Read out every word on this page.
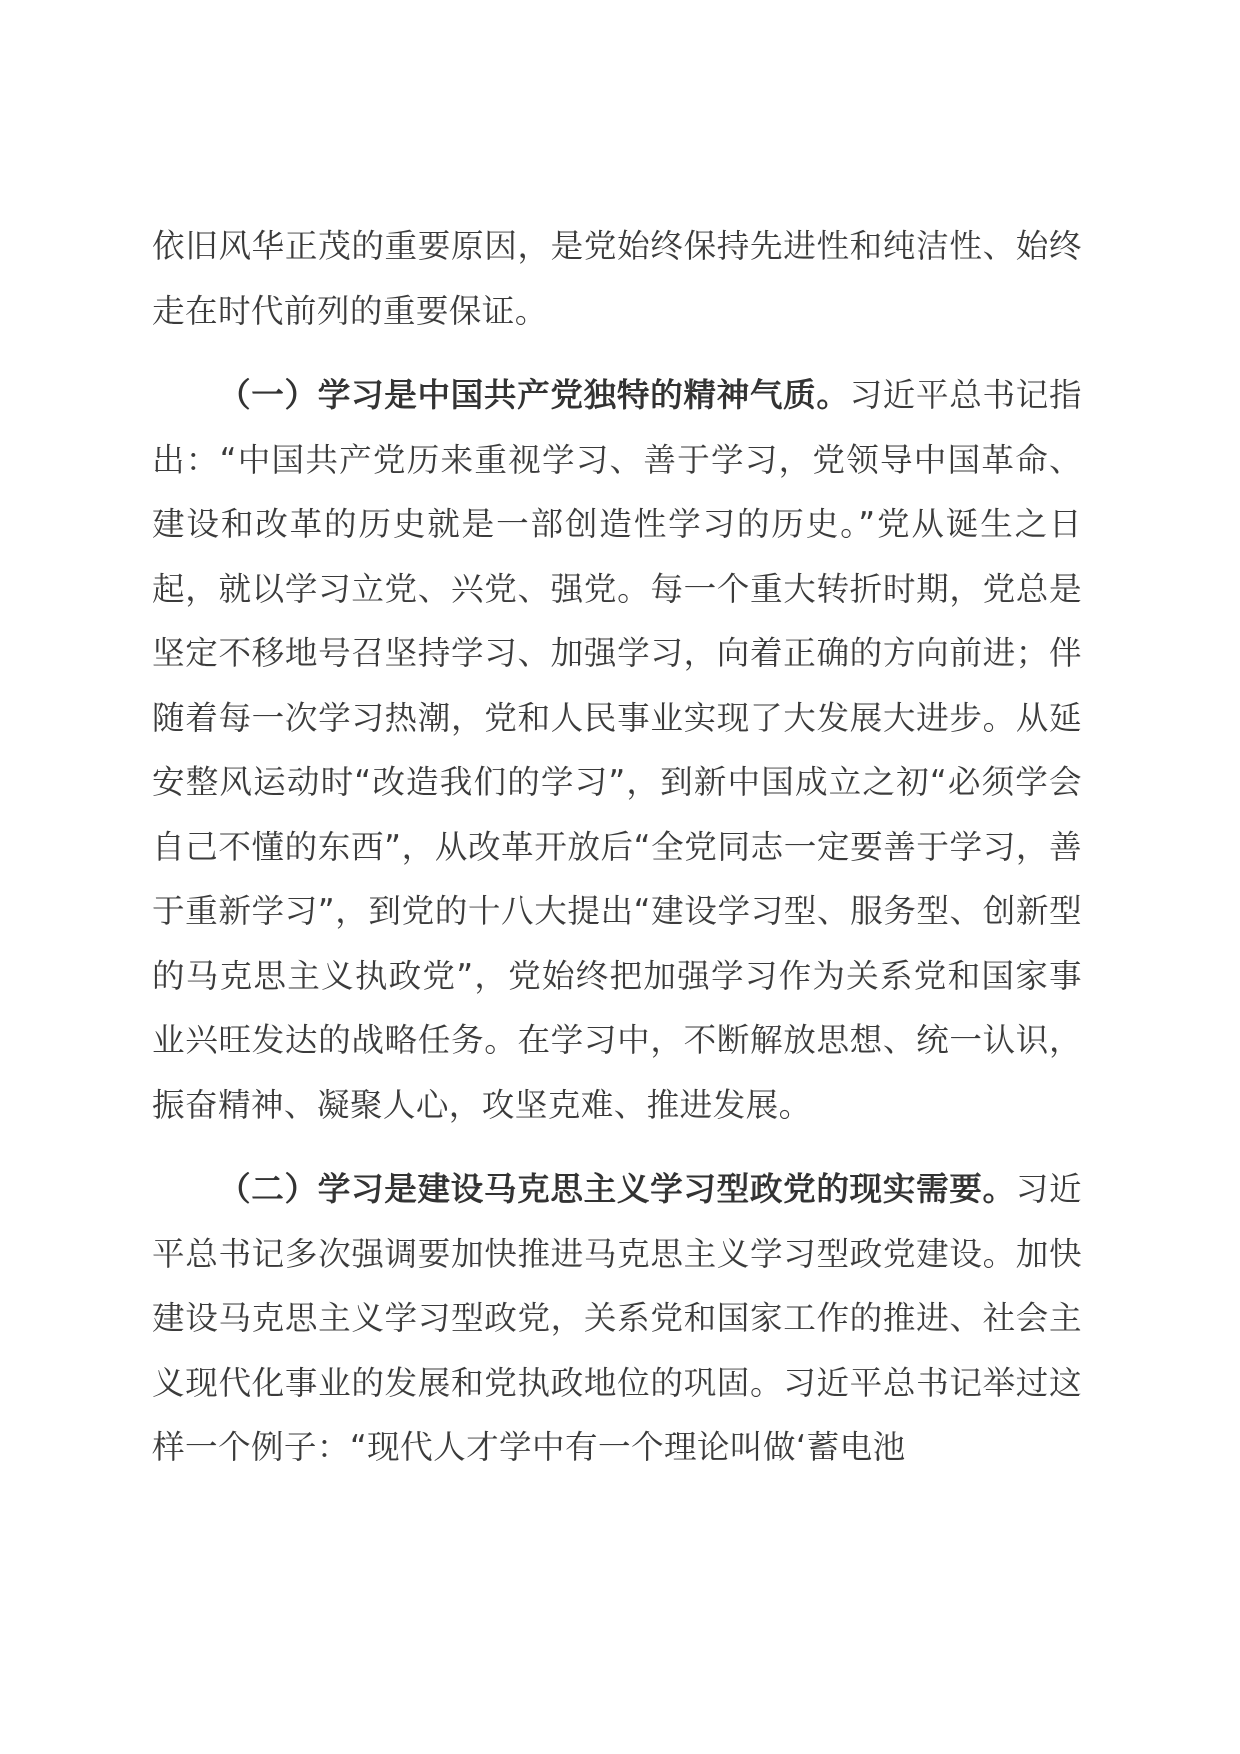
依旧风华正茂的重要原因，是党始终保持先进性和纯洁性、始终走在时代前列的重要保证。

（一）学习是中国共产党独特的精神气质。习近平总书记指出：“中国共产党历来重视学习、善于学习，党领导中国革命、建设和改革的历史就是一部创造性学习的历史。”党从诞生之日起，就以学习立党、兴党、强党。每一个重大转折时期，党总是坚定不移地号召坚持学习、加强学习，向着正确的方向前进；伴随着每一次学习热潮，党和人民事业实现了大发展大进步。从延安整风运动时“改造我们的学习”，到新中国成立之初“必须学会自己不懂的东西”，从改革开放后“全党同志一定要善于学习，善于重新学习”，到党的十八大提出“建设学习型、服务型、创新型的马克思主义执政党”，党始终把加强学习作为关系党和国家事业兴旺发达的战略任务。在学习中，不断解放思想、统一认识，振奋精神、凝聚人心，攻坚克难、推进发展。

（二）学习是建设马克思主义学习型政党的现实需要。习近平总书记多次强调要加快推进马克思主义学习型政党建设。加快建设马克思主义学习型政党，关系党和国家工作的推进、社会主义现代化事业的发展和党执政地位的巩固。习近平总书记举过这样一个例子：“现代人才学中有一个理论叫做‘蓄电池
